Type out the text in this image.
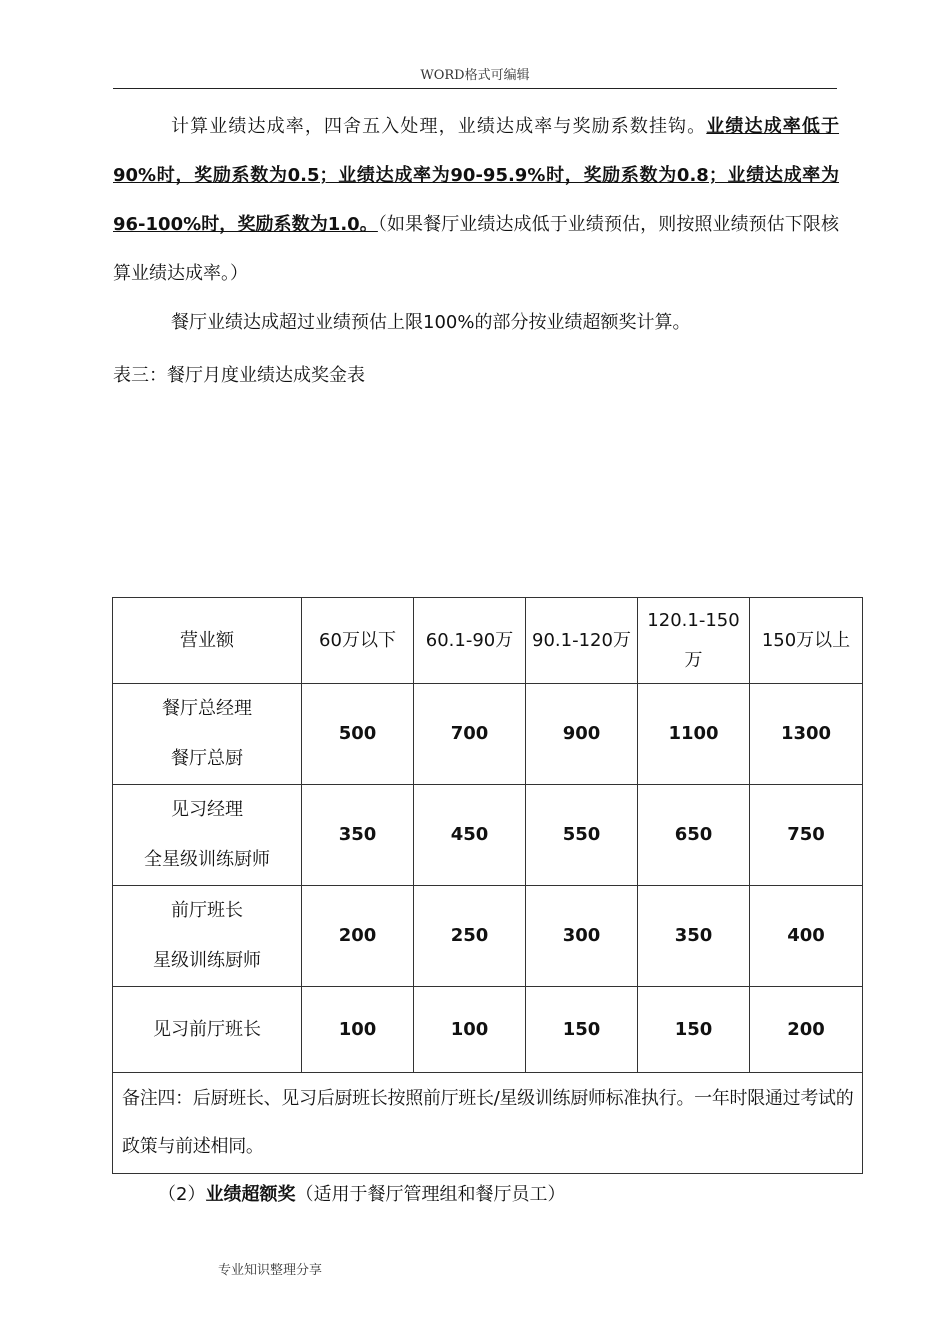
WORD格式可编辑

计算业绩达成率，四舍五入处理，业绩达成率与奖励系数挂钩。业绩达成率低于90%时，奖励系数为0.5；业绩达成率为90-95.9%时，奖励系数为0.8；业绩达成率为96-100%时，奖励系数为1.0。（如果餐厅业绩达成低于业绩预估，则按照业绩预估下限核算业绩达成率。）

餐厅业绩达成超过业绩预估上限100%的部分按业绩超额奖计算。

表三：餐厅月度业绩达成奖金表
营业额	60万以下	60.1-90万	90.1-120万	120.1-150万	150万以上

餐厅总经理
餐厅总厨	500	700	900	1100	1300

见习经理
全星级训练厨师	350	450	550	650	750

前厅班长
星级训练厨师	200	250	300	350	400
见习前厅班长	100	100	150	150	200
备注四：后厨班长、见习后厨班长按照前厅班长/星级训练厨师标准执行。一年时限通过考试的政策与前述相同。					
（2）业绩超额奖（适用于餐厅管理组和餐厅员工）
专业知识整理分享
